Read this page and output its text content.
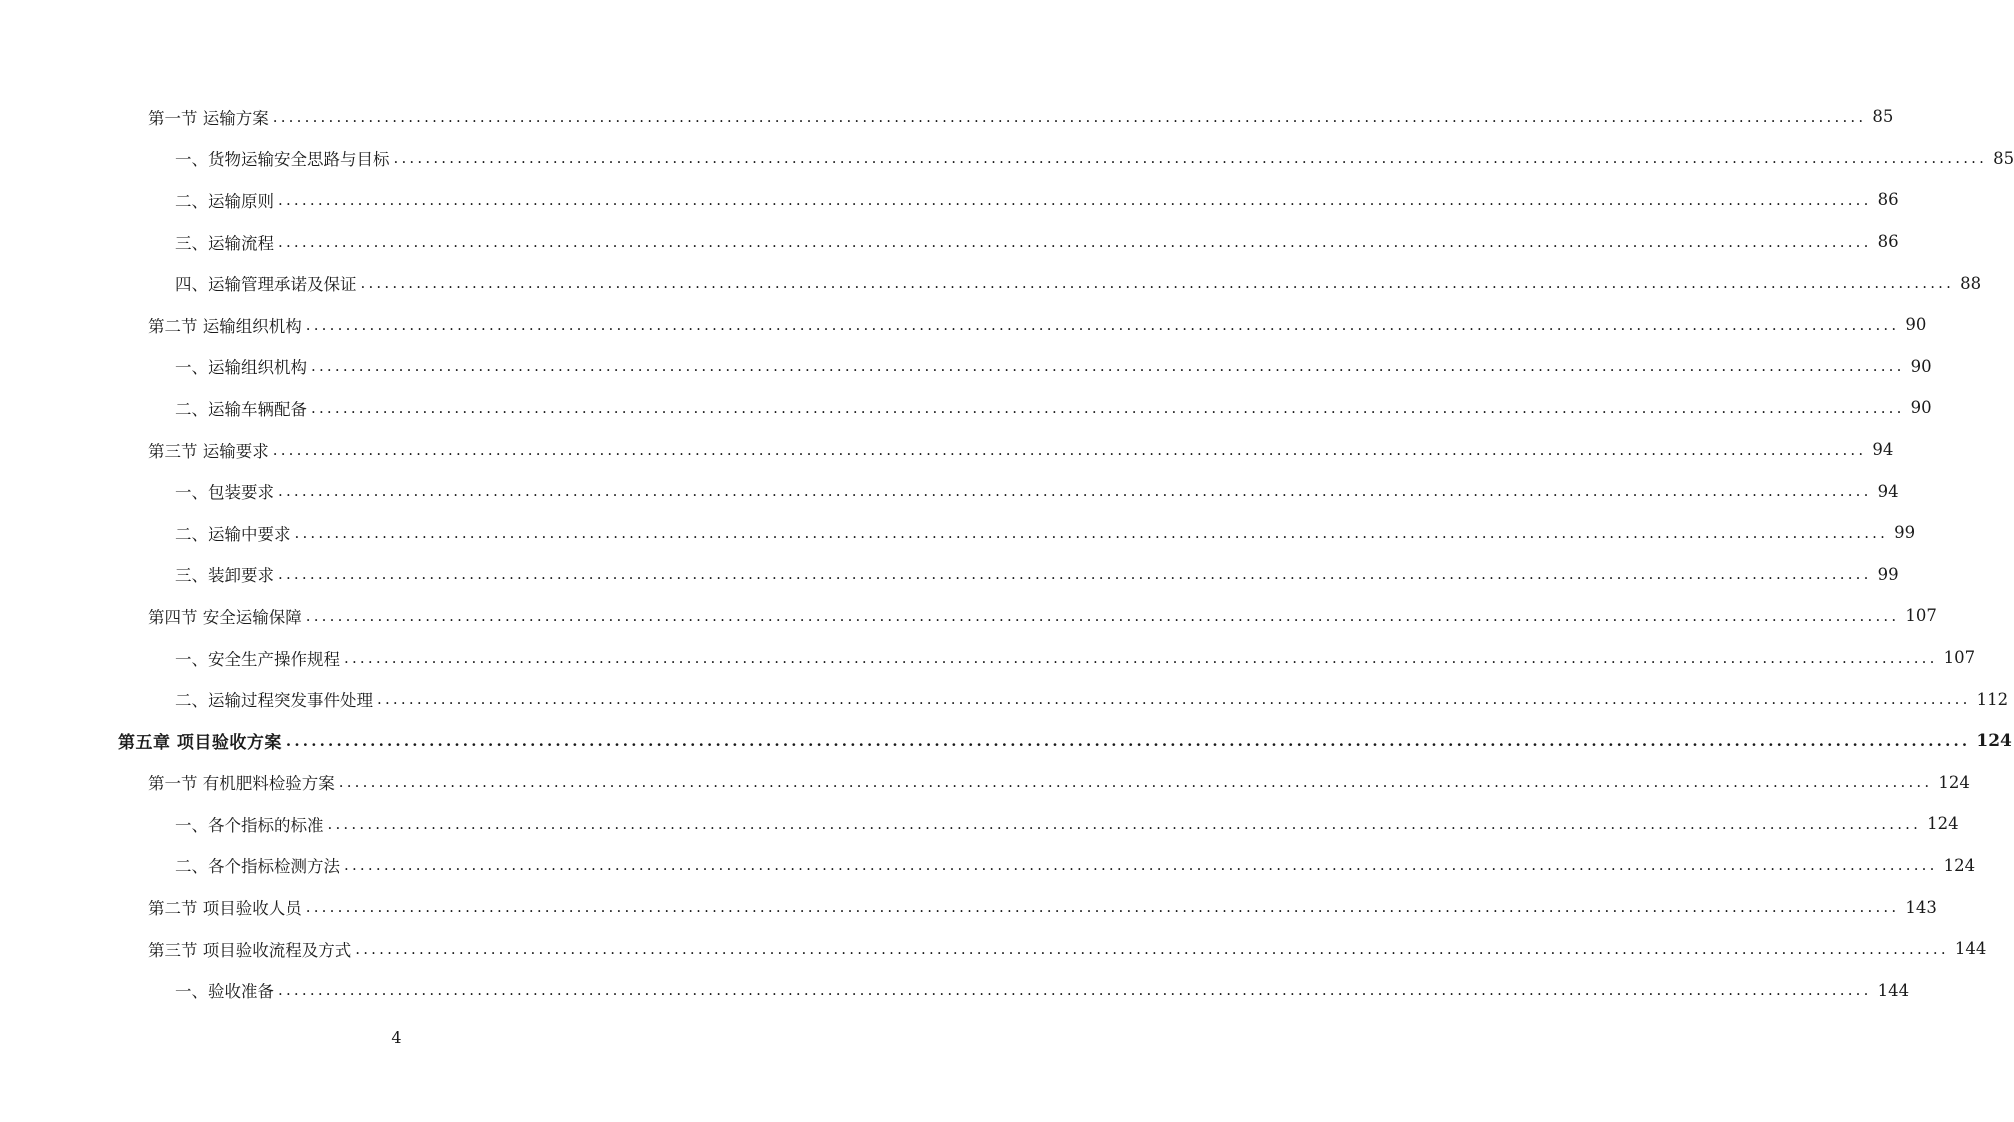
第一节 运输方案 ........................................................................................................................................................................................................ 85
一、货物运输安全思路与目标 ........................................................................................................................................................................................................ 85
二、运输原则 ........................................................................................................................................................................................................ 86
三、运输流程 ........................................................................................................................................................................................................ 86
四、运输管理承诺及保证 ........................................................................................................................................................................................................ 88
第二节 运输组织机构 ........................................................................................................................................................................................................ 90
一、运输组织机构 ........................................................................................................................................................................................................ 90
二、运输车辆配备 ........................................................................................................................................................................................................ 90
第三节 运输要求 ........................................................................................................................................................................................................ 94
一、包装要求 ........................................................................................................................................................................................................ 94
二、运输中要求 ........................................................................................................................................................................................................ 99
三、装卸要求 ........................................................................................................................................................................................................ 99
第四节 安全运输保障 ........................................................................................................................................................................................................ 107
一、安全生产操作规程 ........................................................................................................................................................................................................ 107
二、运输过程突发事件处理 ........................................................................................................................................................................................................ 112
第五章 项目验收方案 ........................................................................................................................................................................................................ 124
第一节 有机肥料检验方案 ........................................................................................................................................................................................................ 124
一、各个指标的标准 ........................................................................................................................................................................................................ 124
二、各个指标检测方法 ........................................................................................................................................................................................................ 124
第二节 项目验收人员 ........................................................................................................................................................................................................ 143
第三节 项目验收流程及方式 ........................................................................................................................................................................................................ 144
一、验收准备 ........................................................................................................................................................................................................ 144
4
